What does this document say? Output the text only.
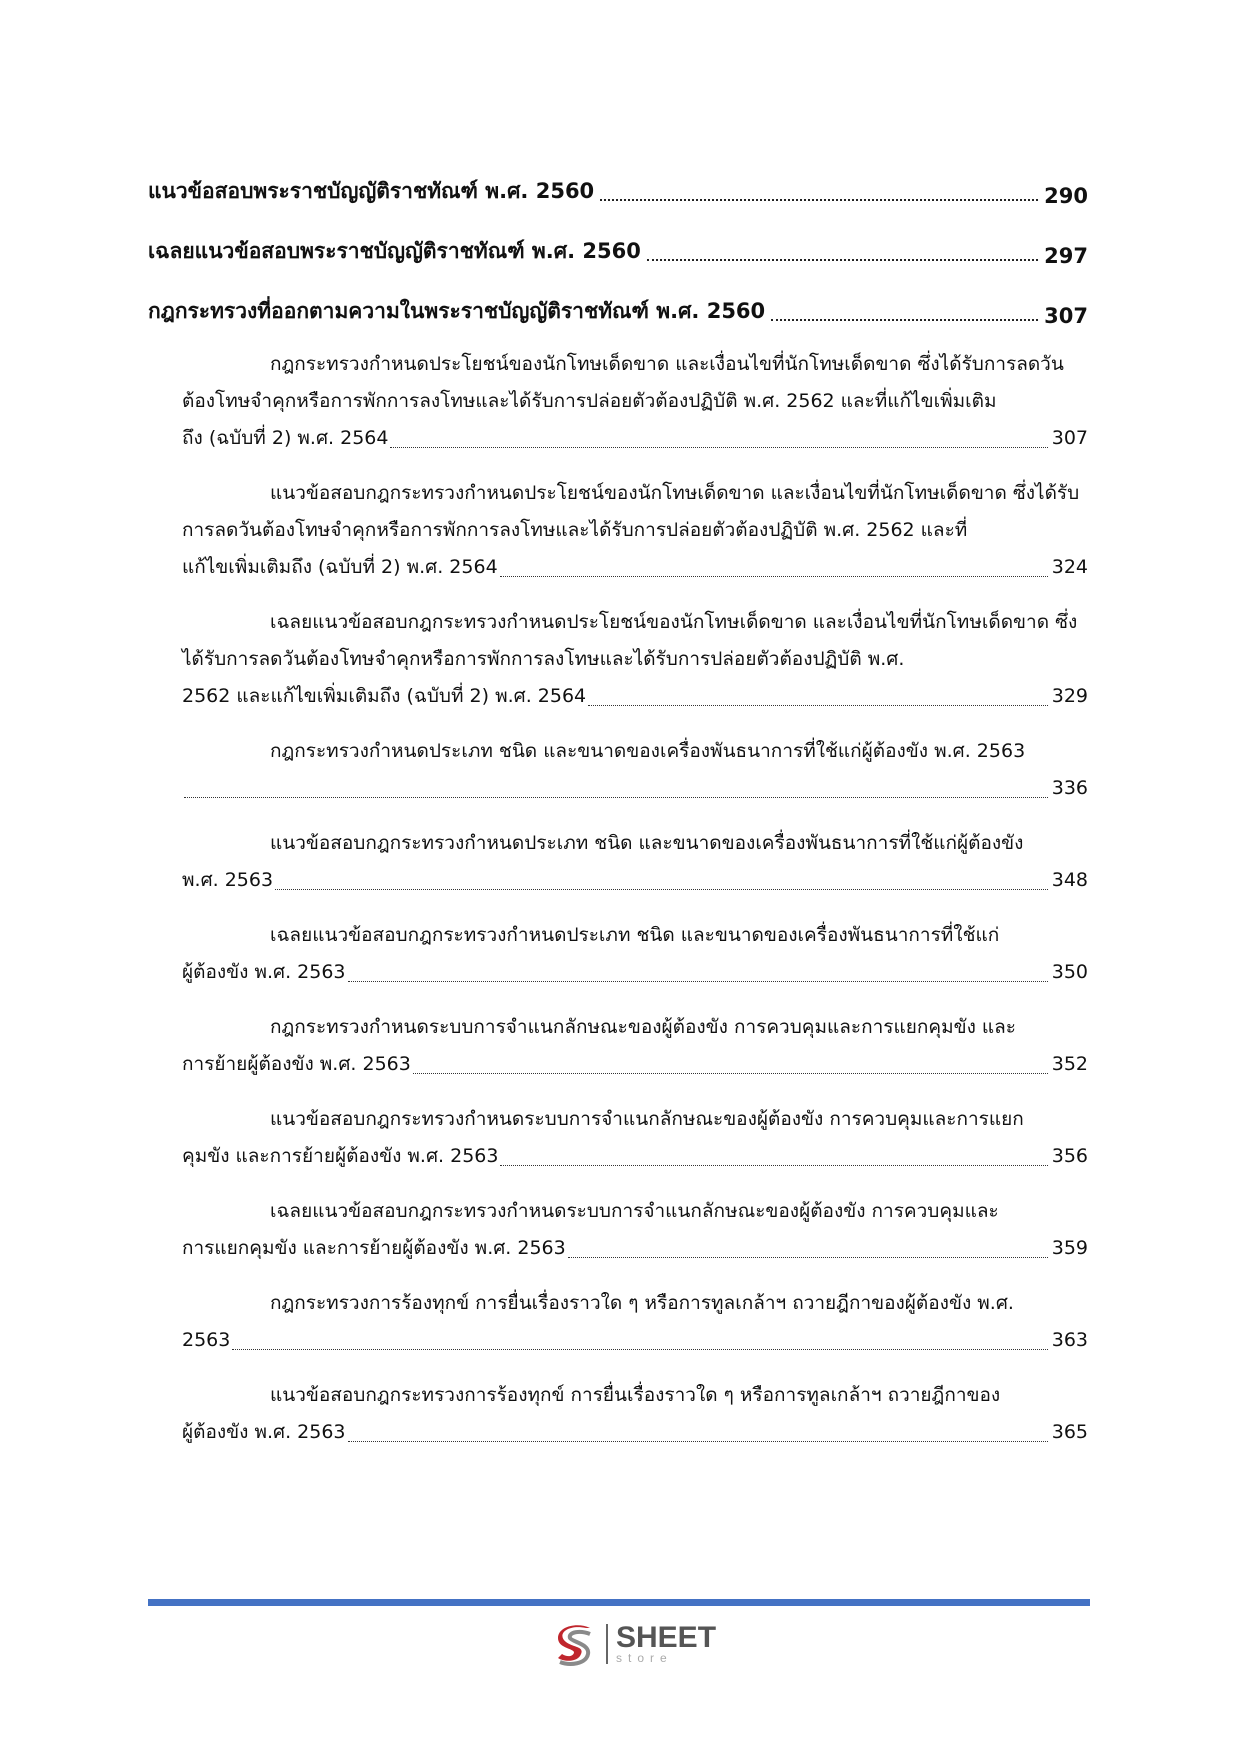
แนวข้อสอบพระราชบัญญัติราชทัณฑ์ พ.ศ. 2560	290
เฉลยแนวข้อสอบพระราชบัญญัติราชทัณฑ์ พ.ศ. 2560	297
กฎกระทรวงที่ออกตามความในพระราชบัญญัติราชทัณฑ์ พ.ศ. 2560	307
กฎกระทรวงกำหนดประโยชน์ของนักโทษเด็ดขาด และเงื่อนไขที่นักโทษเด็ดขาด ซึ่งได้รับการลดวันต้องโทษจำคุกหรือการพักการลงโทษและได้รับการปล่อยตัวต้องปฏิบัติ พ.ศ. 2562 และที่แก้ไขเพิ่มเติม
ถึง (ฉบับที่ 2) พ.ศ. 2564	307
แนวข้อสอบกฎกระทรวงกำหนดประโยชน์ของนักโทษเด็ดขาด และเงื่อนไขที่นักโทษเด็ดขาด ซึ่งได้รับการลดวันต้องโทษจำคุกหรือการพักการลงโทษและได้รับการปล่อยตัวต้องปฏิบัติ พ.ศ. 2562 และที่
แก้ไขเพิ่มเติมถึง (ฉบับที่ 2) พ.ศ. 2564	324
เฉลยแนวข้อสอบกฎกระทรวงกำหนดประโยชน์ของนักโทษเด็ดขาด และเงื่อนไขที่นักโทษเด็ดขาด ซึ่งได้รับการลดวันต้องโทษจำคุกหรือการพักการลงโทษและได้รับการปล่อยตัวต้องปฏิบัติ พ.ศ.
2562 และแก้ไขเพิ่มเติมถึง (ฉบับที่ 2) พ.ศ. 2564	329
กฎกระทรวงกำหนดประเภท ชนิด และขนาดของเครื่องพันธนาการที่ใช้แก่ผู้ต้องขัง พ.ศ. 2563
336
แนวข้อสอบกฎกระทรวงกำหนดประเภท ชนิด และขนาดของเครื่องพันธนาการที่ใช้แก่ผู้ต้องขัง
พ.ศ. 2563	348
เฉลยแนวข้อสอบกฎกระทรวงกำหนดประเภท ชนิด และขนาดของเครื่องพันธนาการที่ใช้แก่
ผู้ต้องขัง พ.ศ. 2563	350
กฎกระทรวงกำหนดระบบการจำแนกลักษณะของผู้ต้องขัง การควบคุมและการแยกคุมขัง และ
การย้ายผู้ต้องขัง พ.ศ. 2563	352
แนวข้อสอบกฎกระทรวงกำหนดระบบการจำแนกลักษณะของผู้ต้องขัง การควบคุมและการแยก
คุมขัง และการย้ายผู้ต้องขัง พ.ศ. 2563	356
เฉลยแนวข้อสอบกฎกระทรวงกำหนดระบบการจำแนกลักษณะของผู้ต้องขัง การควบคุมและ
การแยกคุมขัง และการย้ายผู้ต้องขัง พ.ศ. 2563	359
กฎกระทรวงการร้องทุกข์ การยื่นเรื่องราวใด ๆ หรือการทูลเกล้าฯ ถวายฎีกาของผู้ต้องขัง พ.ศ.
2563	363
แนวข้อสอบกฎกระทรวงการร้องทุกข์ การยื่นเรื่องราวใด ๆ หรือการทูลเกล้าฯ ถวายฎีกาของ
ผู้ต้องขัง พ.ศ. 2563	365
SHEET
store
